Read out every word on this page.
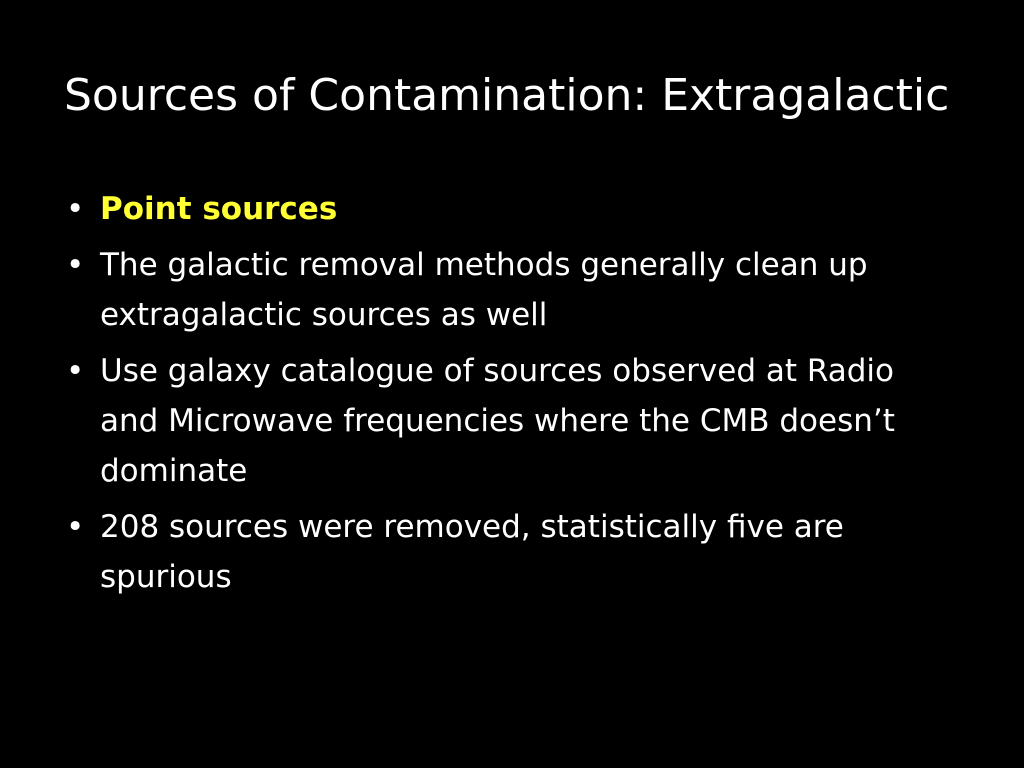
Sources of Contamination: Extragalactic
• Point sources
• The galactic removal methods generally clean up extragalactic sources as well
• Use galaxy catalogue of sources observed at Radio and Microwave frequencies where the CMB doesn’t dominate
• 208 sources were removed, statistically five are spurious
